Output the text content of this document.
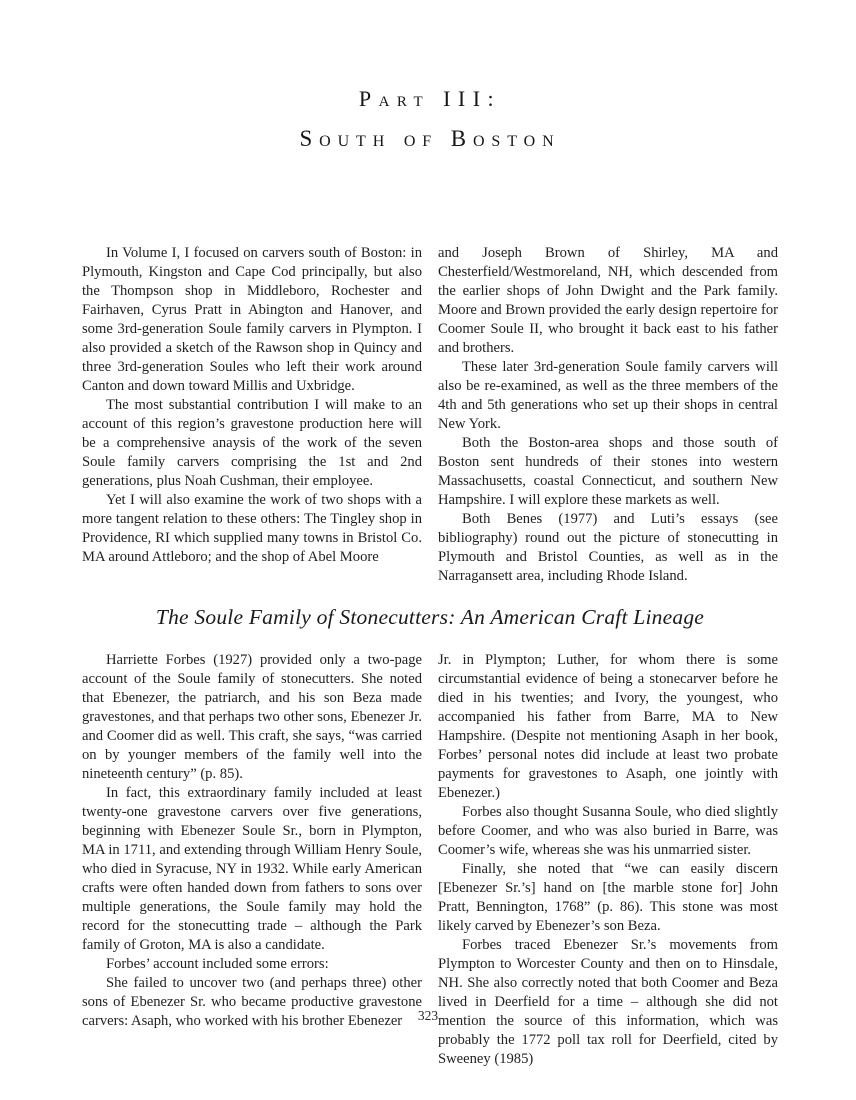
Part III:
South of Boston

In Volume I, I focused on carvers south of Boston: in Plymouth, Kingston and Cape Cod principally, but also the Thompson shop in Middleboro, Rochester and Fairhaven, Cyrus Pratt in Abington and Hanover, and some 3rd-generation Soule family carvers in Plympton. I also provided a sketch of the Rawson shop in Quincy and three 3rd-generation Soules who left their work around Canton and down toward Millis and Uxbridge.

The most substantial contribution I will make to an account of this region’s gravestone production here will be a comprehensive anaysis of the work of the seven Soule family carvers comprising the 1st and 2nd generations, plus Noah Cushman, their employee.

Yet I will also examine the work of two shops with a more tangent relation to these others: The Tingley shop in Providence, RI which supplied many towns in Bristol Co. MA around Attleboro; and the shop of Abel Moore

and Joseph Brown of Shirley, MA and Chesterfield/Westmoreland, NH, which descended from the earlier shops of John Dwight and the Park family. Moore and Brown provided the early design repertoire for Coomer Soule II, who brought it back east to his father and brothers.

These later 3rd-generation Soule family carvers will also be re-examined, as well as the three members of the 4th and 5th generations who set up their shops in central New York.

Both the Boston-area shops and those south of Boston sent hundreds of their stones into western Massachusetts, coastal Connecticut, and southern New Hampshire. I will explore these markets as well.

Both Benes (1977) and Luti’s essays (see bibliography) round out the picture of stonecutting in Plymouth and Bristol Counties, as well as in the Narragansett area, including Rhode Island.

The Soule Family of Stonecutters: An American Craft Lineage

Harriette Forbes (1927) provided only a two-page account of the Soule family of stonecutters. She noted that Ebenezer, the patriarch, and his son Beza made gravestones, and that perhaps two other sons, Ebenezer Jr. and Coomer did as well. This craft, she says, “was carried on by younger members of the family well into the nineteenth century” (p. 85).

In fact, this extraordinary family included at least twenty-one gravestone carvers over five generations, beginning with Ebenezer Soule Sr., born in Plympton, MA in 1711, and extending through William Henry Soule, who died in Syracuse, NY in 1932. While early American crafts were often handed down from fathers to sons over multiple generations, the Soule family may hold the record for the stonecutting trade – although the Park family of Groton, MA is also a candidate.

Forbes’ account included some errors:

She failed to uncover two (and perhaps three) other sons of Ebenezer Sr. who became productive gravestone carvers: Asaph, who worked with his brother Ebenezer

Jr. in Plympton; Luther, for whom there is some circumstantial evidence of being a stonecarver before he died in his twenties; and Ivory, the youngest, who accompanied his father from Barre, MA to New Hampshire. (Despite not mentioning Asaph in her book, Forbes’ personal notes did include at least two probate payments for gravestones to Asaph, one jointly with Ebenezer.)

Forbes also thought Susanna Soule, who died slightly before Coomer, and who was also buried in Barre, was Coomer’s wife, whereas she was his unmarried sister.

Finally, she noted that “we can easily discern [Ebenezer Sr.’s] hand on [the marble stone for] John Pratt, Bennington, 1768” (p. 86). This stone was most likely carved by Ebenezer’s son Beza.

Forbes traced Ebenezer Sr.’s movements from Plympton to Worcester County and then on to Hinsdale, NH. She also correctly noted that both Coomer and Beza lived in Deerfield for a time – although she did not mention the source of this information, which was probably the 1772 poll tax roll for Deerfield, cited by Sweeney (1985)

323
